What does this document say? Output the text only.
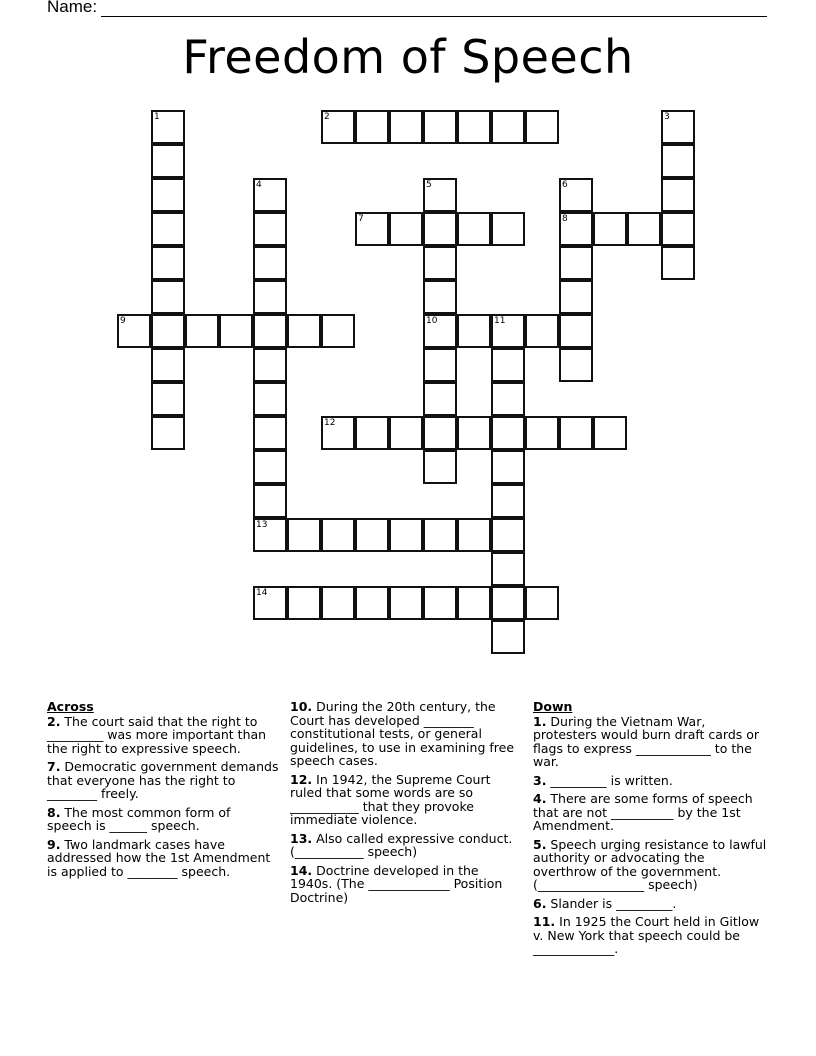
Name:
Freedom of Speech
1	2	3
4	5
10
6
8
7
9	11
12
13
14
Across
2. The court said that the right to _________ was more important than the right to expressive speech.
7. Democratic government demands that everyone has the right to ________ freely.
8. The most common form of speech is ______ speech.
9. Two landmark cases have addressed how the 1st Amendment is applied to ________ speech.
10. During the 20th century, the Court has developed ________ constitutional tests, or general guidelines, to use in examining free speech cases.
12. In 1942, the Supreme Court ruled that some words are so ___________ that they provoke immediate violence.
13. Also called expressive conduct. (___________ speech)
14. Doctrine developed in the 1940s. (The _____________ Position Doctrine)
Down
1. During the Vietnam War, protesters would burn draft cards or flags to express ____________ to the war.
3. _________ is written.
4. There are some forms of speech that are not __________ by the 1st Amendment.
5. Speech urging resistance to lawful authority or advocating the overthrow of the government. (_________________ speech)
6. Slander is _________.
11. In 1925 the Court held in Gitlow v. New York that speech could be _____________.
